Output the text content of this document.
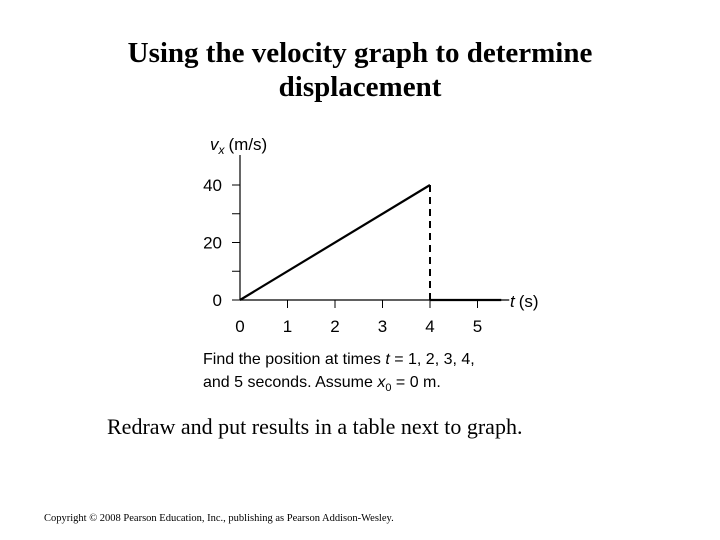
Using the velocity graph to determine
displacement
0
20
40
0 1 2 3 4 5
$v_x$ (m/s)
t (s)
Find the position at times t = 1, 2, 3, 4,
and 5 seconds. Assume $x_0 = 0$ m.
Redraw and put results in a table next to graph.
Copyright © 2008 Pearson Education, Inc., publishing as Pearson Addison-Wesley.
